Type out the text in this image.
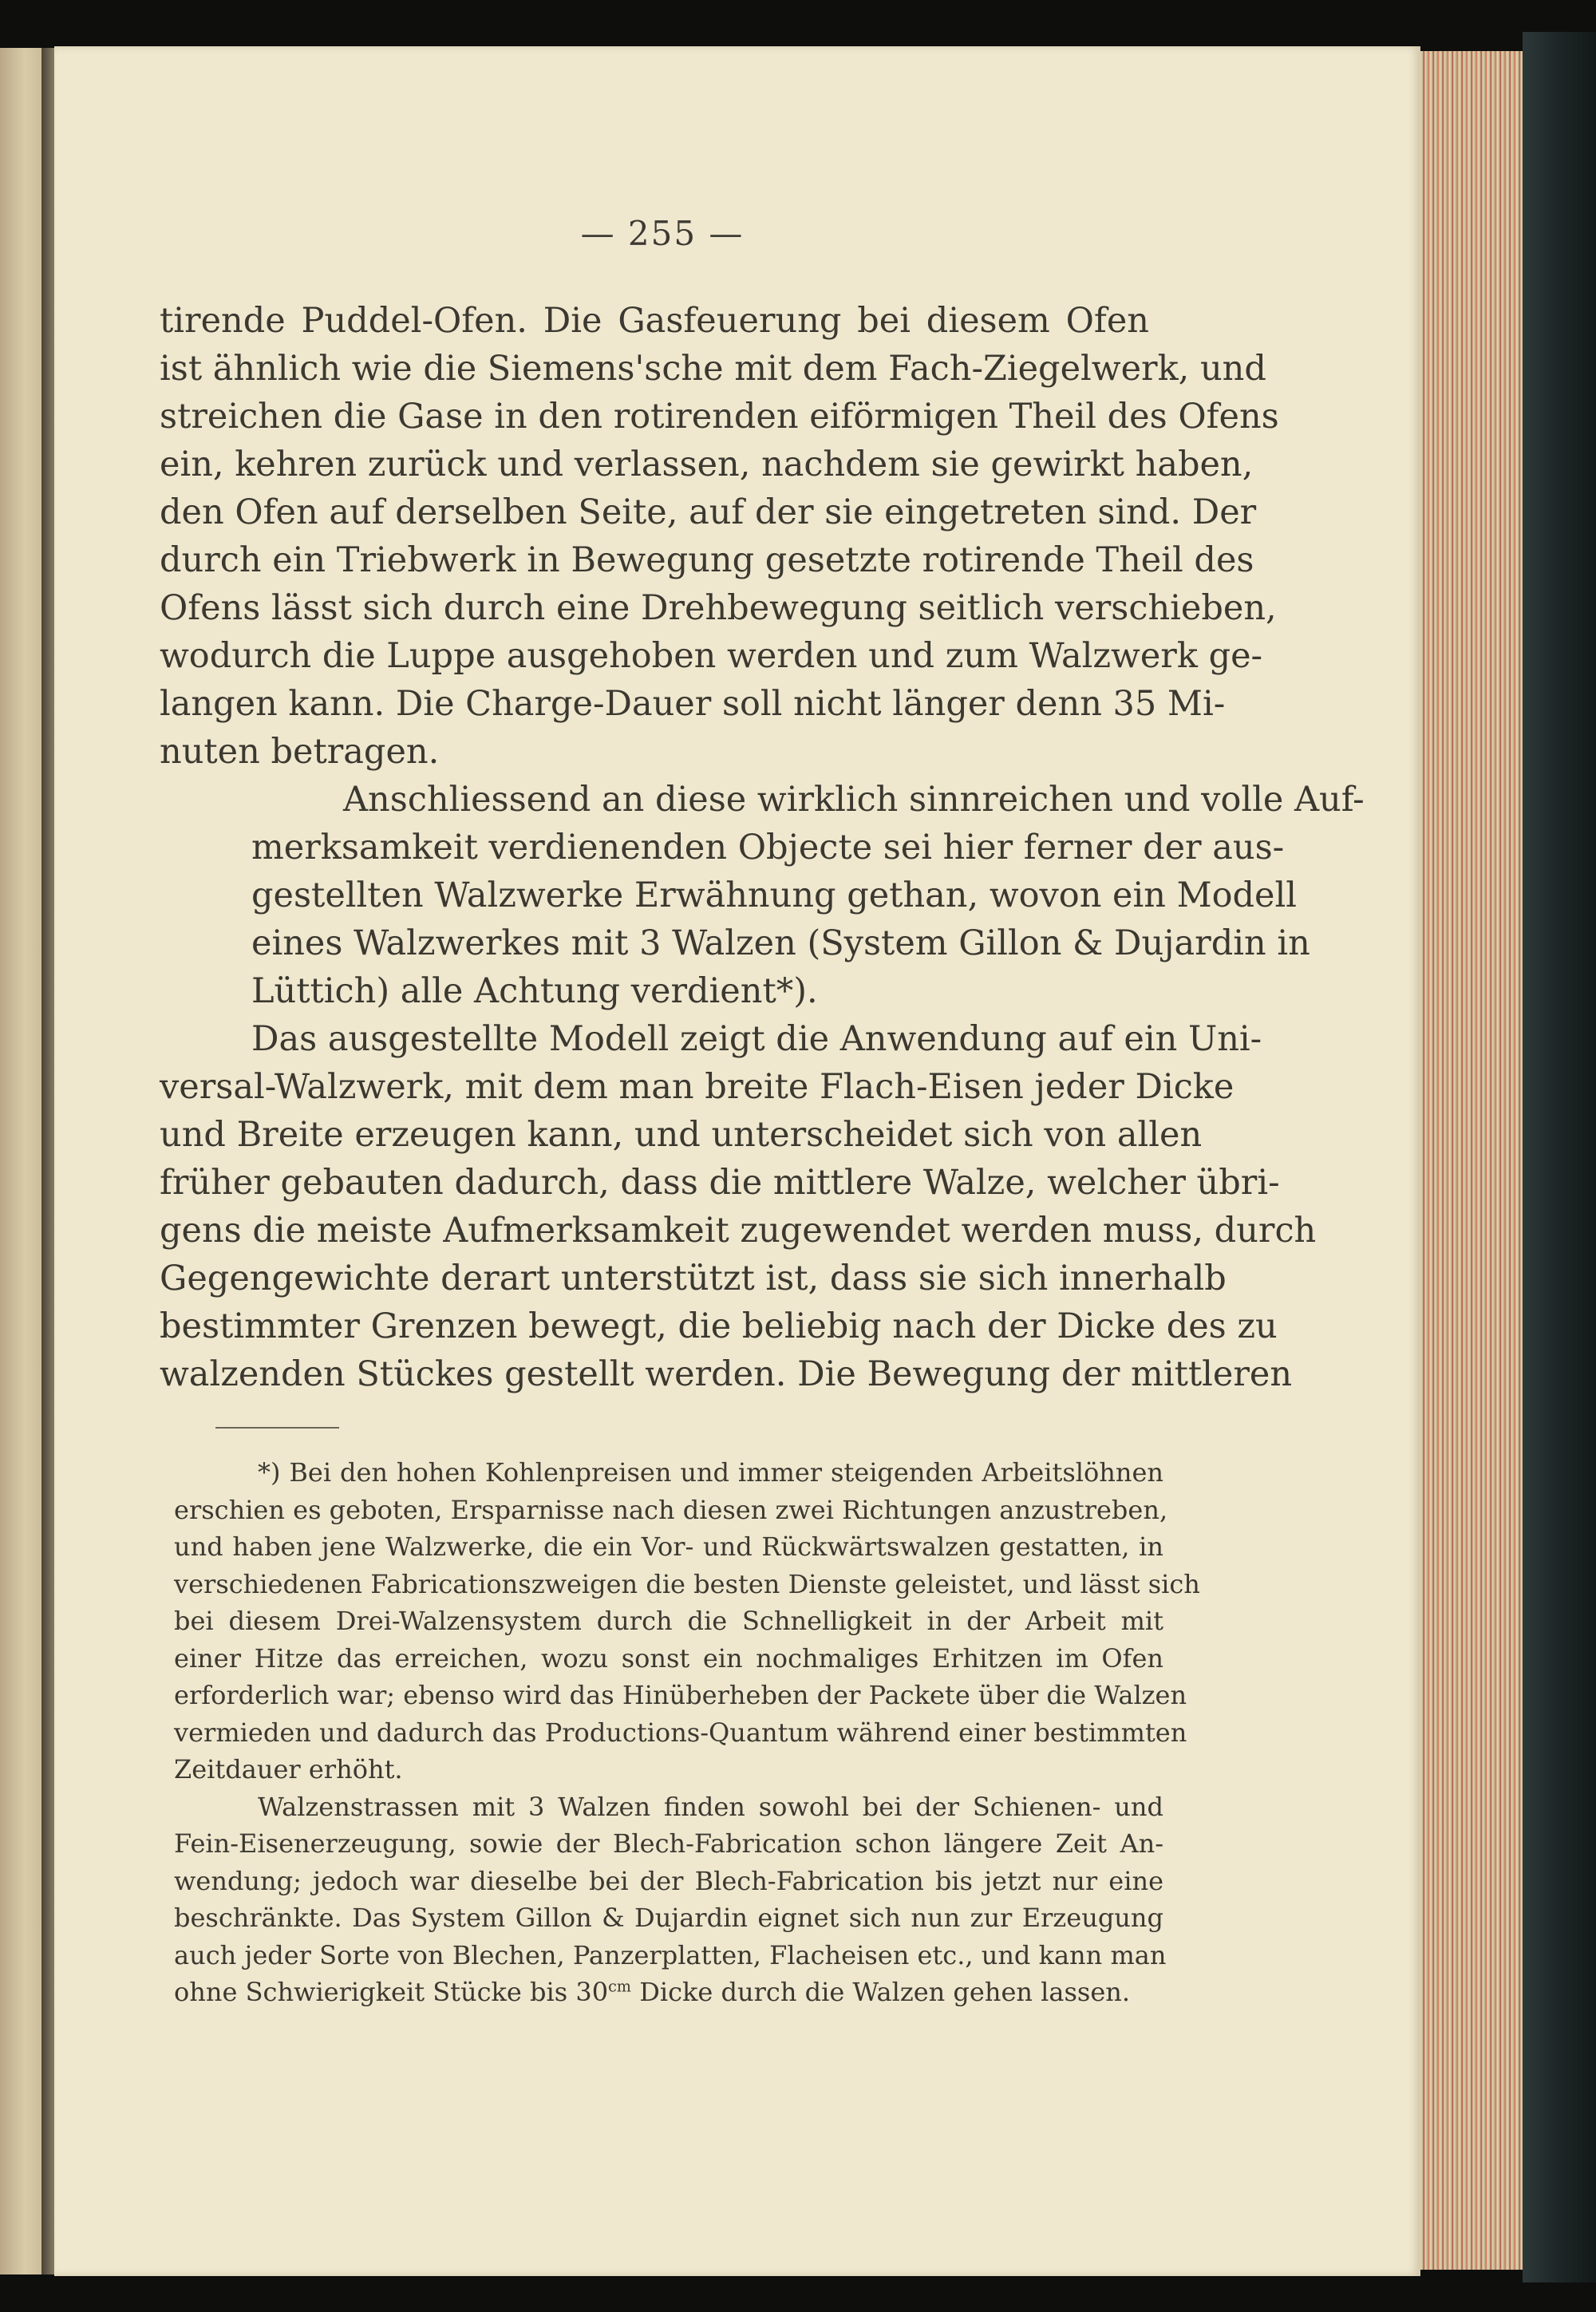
— 255 —

tirende Puddel-Ofen. Die Gasfeuerung bei diesem Ofen
ist ähnlich wie die Siemens'sche mit dem Fach-Ziegelwerk, und
streichen die Gase in den rotirenden eiförmigen Theil des Ofens
ein, kehren zurück und verlassen, nachdem sie gewirkt haben,
den Ofen auf derselben Seite, auf der sie eingetreten sind. Der
durch ein Triebwerk in Bewegung gesetzte rotirende Theil des
Ofens lässt sich durch eine Drehbewegung seitlich verschieben,
wodurch die Luppe ausgehoben werden und zum Walzwerk ge-
langen kann. Die Charge-Dauer soll nicht länger denn 35 Mi-
nuten betragen.

Anschliessend an diese wirklich sinnreichen und volle Auf-
merksamkeit verdienenden Objecte sei hier ferner der aus-
gestellten Walzwerke Erwähnung gethan, wovon ein Modell
eines Walzwerkes mit 3 Walzen (System Gillon & Dujardin in
Lüttich) alle Achtung verdient*).

Das ausgestellte Modell zeigt die Anwendung auf ein Uni-
versal-Walzwerk, mit dem man breite Flach-Eisen jeder Dicke
und Breite erzeugen kann, und unterscheidet sich von allen
früher gebauten dadurch, dass die mittlere Walze, welcher übri-
gens die meiste Aufmerksamkeit zugewendet werden muss, durch
Gegengewichte derart unterstützt ist, dass sie sich innerhalb
bestimmter Grenzen bewegt, die beliebig nach der Dicke des zu
walzenden Stückes gestellt werden. Die Bewegung der mittleren

*) Bei den hohen Kohlenpreisen und immer steigenden Arbeitslöhnen
erschien es geboten, Ersparnisse nach diesen zwei Richtungen anzustreben,
und haben jene Walzwerke, die ein Vor- und Rückwärtswalzen gestatten, in
verschiedenen Fabricationszweigen die besten Dienste geleistet, und lässt sich
bei diesem Drei-Walzensystem durch die Schnelligkeit in der Arbeit mit
einer Hitze das erreichen, wozu sonst ein nochmaliges Erhitzen im Ofen
erforderlich war; ebenso wird das Hinüberheben der Packete über die Walzen
vermieden und dadurch das Productions-Quantum während einer bestimmten
Zeitdauer erhöht.
Walzenstrassen mit 3 Walzen finden sowohl bei der Schienen- und
Fein-Eisenerzeugung, sowie der Blech-Fabrication schon längere Zeit An-
wendung; jedoch war dieselbe bei der Blech-Fabrication bis jetzt nur eine
beschränkte. Das System Gillon & Dujardin eignet sich nun zur Erzeugung
auch jeder Sorte von Blechen, Panzerplatten, Flacheisen etc., und kann man
ohne Schwierigkeit Stücke bis $30^{cm}$ Dicke durch die Walzen gehen lassen.
